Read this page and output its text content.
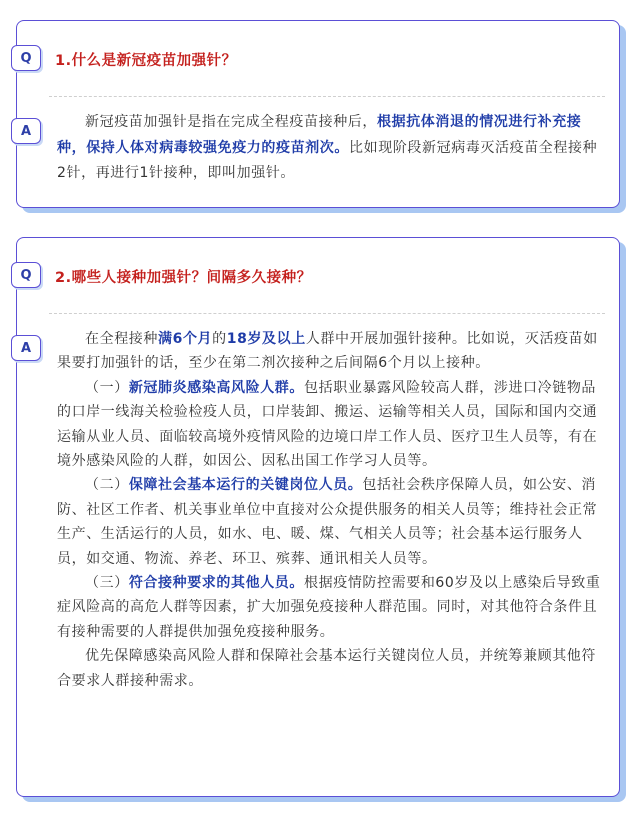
Q	1.什么是新冠疫苗加强针？
A

新冠疫苗加强针是指在完成全程疫苗接种后，根据抗体消退的情况进行补充接种，保持人体对病毒较强免疫力的疫苗剂次。比如现阶段新冠病毒灭活疫苗全程接种2针，再进行1针接种，即叫加强针。

Q	2.哪些人接种加强针？间隔多久接种？
A

在全程接种满6个月的18岁及以上人群中开展加强针接种。比如说，灭活疫苗如果要打加强针的话，至少在第二剂次接种之后间隔6个月以上接种。

（一）新冠肺炎感染高风险人群。包括职业暴露风险较高人群，涉进口冷链物品的口岸一线海关检验检疫人员，口岸装卸、搬运、运输等相关人员，国际和国内交通运输从业人员、面临较高境外疫情风险的边境口岸工作人员、医疗卫生人员等，有在境外感染风险的人群，如因公、因私出国工作学习人员等。

（二）保障社会基本运行的关键岗位人员。包括社会秩序保障人员，如公安、消防、社区工作者、机关事业单位中直接对公众提供服务的相关人员等；维持社会正常生产、生活运行的人员，如水、电、暖、煤、气相关人员等；社会基本运行服务人员，如交通、物流、养老、环卫、殡葬、通讯相关人员等。

（三）符合接种要求的其他人员。根据疫情防控需要和60岁及以上感染后导致重症风险高的高危人群等因素，扩大加强免疫接种人群范围。同时，对其他符合条件且有接种需要的人群提供加强免疫接种服务。

优先保障感染高风险人群和保障社会基本运行关键岗位人员，并统筹兼顾其他符合要求人群接种需求。
